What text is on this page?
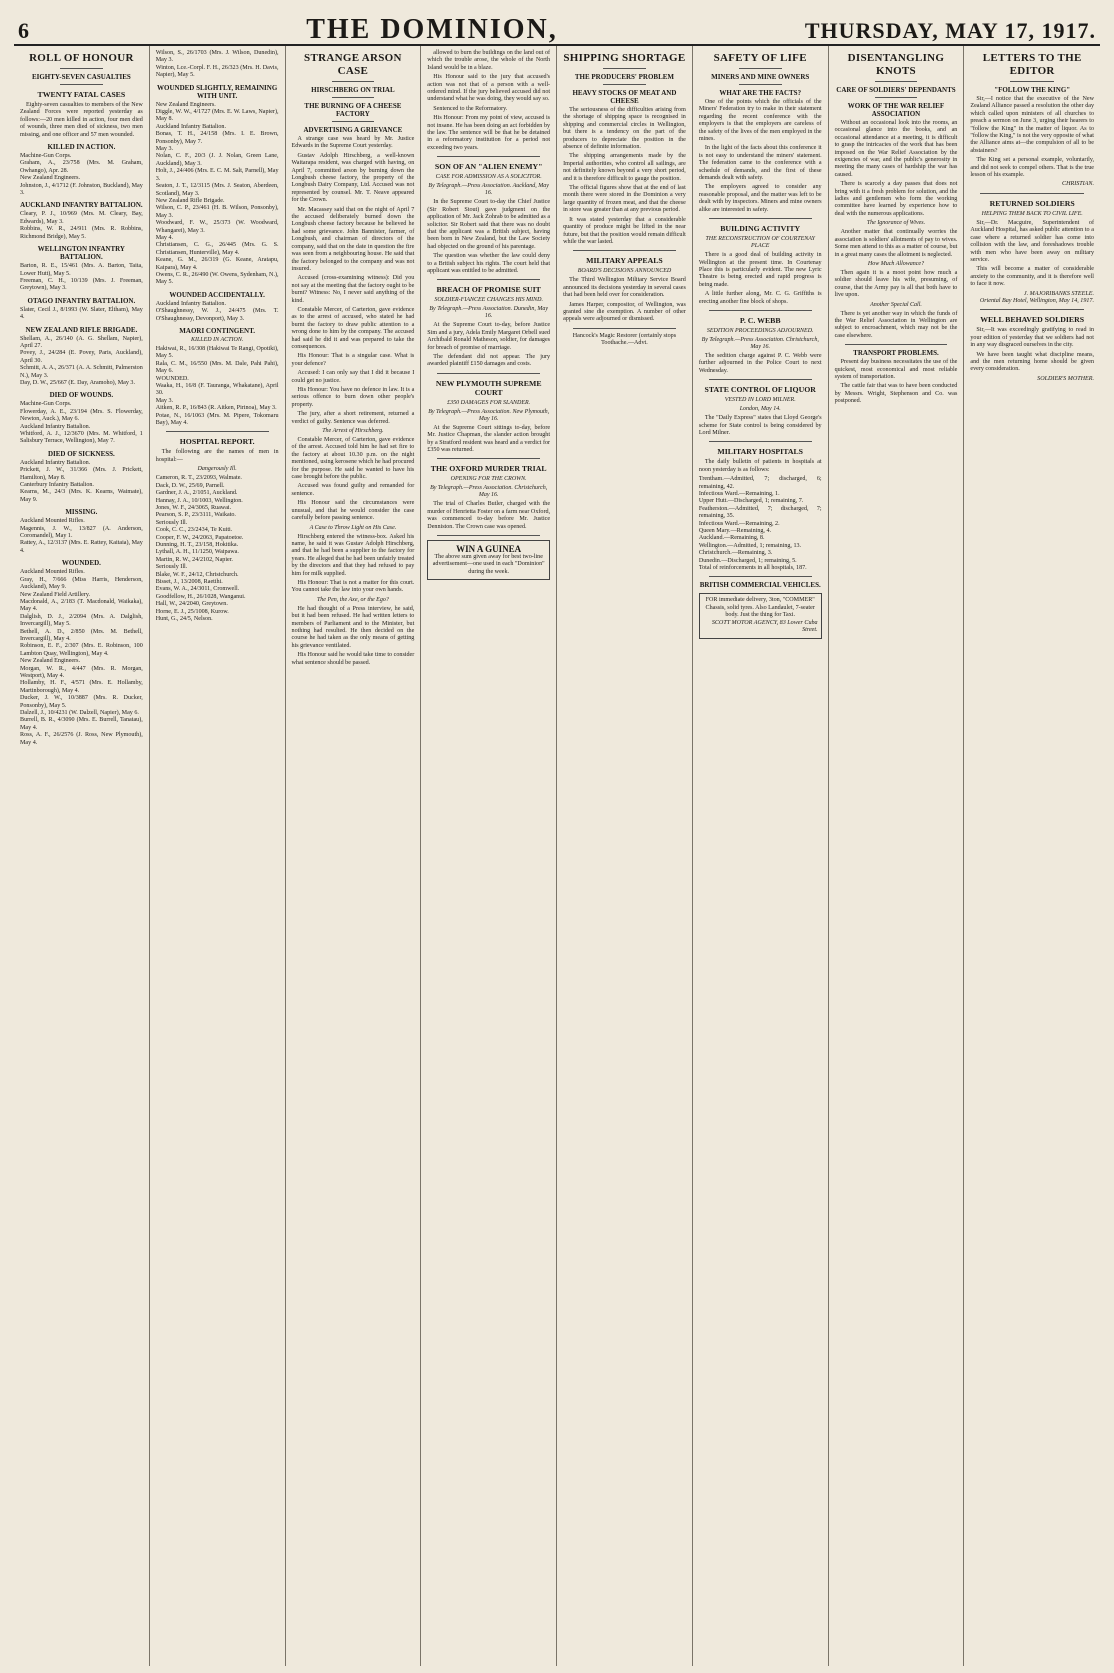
6	THE DOMINION,	THURSDAY, MAY 17, 1917.
ROLL OF HONOUR
EIGHTY-SEVEN CASUALTIES
TWENTY FATAL CASES

Eighty-seven casualties to members of the New Zealand Forces were reported yesterday as follows:—20 men killed in action, four men died of wounds, three men died of sickness, two men missing, and one officer and 57 men wounded.

KILLED IN ACTION.
Machine-Gun Corps.
Graham, A., 23/758 (Mrs. M. Graham, Owhango), Apr. 28.
New Zealand Engineers.
Johnston, J., 4/1712 (F. Johnston, Buckland), May 3.
AUCKLAND INFANTRY BATTALION.
Cleary, P. J., 10/969 (Mrs. M. Cleary, Bay, Edwards), May 3.
Robbins, W. R., 24/911 (Mrs. R. Robbins, Richmond Bridge), May 5.
WELLINGTON INFANTRY BATTALION.
Barton, R. E., 15/461 (Mrs. A. Barton, Taita, Lower Hutt), May 5.
Freeman, C. H., 10/139 (Mrs. J. Freeman, Greytown), May 3.
OTAGO INFANTRY BATTALION.
Slater, Cecil J., 8/1993 (W. Slater, Eltham), May 4.
NEW ZEALAND RIFLE BRIGADE.
Shellam, A., 26/140 (A. G. Shellam, Napier), April 27.
Povey, J., 24/284 (E. Povey, Paris, Auckland), April 30.
Schmitt, A. A., 26/371 (A. A. Schmitt, Palmerston N.), May 3.
Day, D. W., 25/667 (E. Day, Aramoho), May 3.
DIED OF WOUNDS.
Machine-Gun Corps.
Flowerday, A. E., 23/194 (Mrs. S. Flowerday, Newton, Auck.), May 6.
Auckland Infantry Battalion.
Whitford, A. J., 12/3670 (Mrs. M. Whitford, 1 Salisbury Terrace, Wellington), May 7.
DIED OF SICKNESS.
Auckland Infantry Battalion.
Prickett, J. W., 31/366 (Mrs. J. Prickett, Hamilton), May 8.
Canterbury Infantry Battalion.
Kearns, M., 24/3 (Mrs. K. Kearns, Waimate), May 9.
MISSING.
Auckland Mounted Rifles.
Magennis, J. W., 13/827 (A. Anderson, Coromandel), May 1.
Rattey, A., 12/3137 (Mrs. E. Rattey, Kaitaia), May 4.
WOUNDED.
Auckland Mounted Rifles.
Gray, H., 7/666 (Miss Harris, Henderson, Auckland), May 9.
New Zealand Field Artillery.
Macdonald, A., 2/183 (T. Macdonald, Waikaka), May 4.
Dalglish, D. J., 2/2094 (Mrs. A. Dalglish, Invercargill), May 5.
Bethell, A. D., 2/850 (Mrs. M. Bethell, Invercargill), May 4.
Robinson, E. F., 2/307 (Mrs. E. Robinson, 100 Lambton Quay, Wellington), May 4.
New Zealand Engineers.
Morgan, W. R., 4/447 (Mrs. R. Morgan, Westport), May 4.
Hollamby, H. F., 4/571 (Mrs. E. Hollamby, Martinborough), May 4.
Ducker, J. W., 10/3887 (Mrs. R. Ducker, Ponsonby), May 5.
Dalzell, J., 10/4231 (W. Dalzell, Napier), May 6.
Burrell, B. R., 4/3090 (Mrs. E. Burrell, Tanatau), May 4.
Ross, A. F., 26/2576 (J. Ross, New Plymouth), May 4.
Wilson, S., 26/1703 (Mrs. J. Wilson, Dunedin), May 3.
Winton, Lce.-Corpl. F. H., 26/323 (Mrs. H. Davis, Napier), May 5.
WOUNDED SLIGHTLY, REMAINING WITH UNIT.
New Zealand Engineers.
Diggle, W. W., 4/1727 (Mrs. E. W. Laws, Napier), May 8.
Auckland Infantry Battalion.
Bonas, T. H., 24/158 (Mrs. I. E. Brown, Ponsonby), May 7.
May 3.
Nolan, C. F., 20/3 (J. J. Nolan, Green Lane, Auckland), May 3.
Holt, J., 24/406 (Mrs. E. C. M. Salt, Parnell), May 3.
Seaton, J. T., 12/3115 (Mrs. J. Seaton, Aberdeen, Scotland), May 3.
New Zealand Rifle Brigade.
Wilson, C. P., 23/461 (H. B. Wilson, Ponsonby), May 3.
Woodward, F. W., 25/373 (W. Woodward, Whangarei), May 3.
May 4.
Christiansen, C. G., 26/445 (Mrs. G. S. Christiansen, Hunterville), May 4.
Keane, G. M., 26/319 (G. Keane, Aratapu, Kaipara), May 4.
Owens, C. R., 26/490 (W. Owens, Sydenham, N.), May 5.
WOUNDED ACCIDENTALLY.
Auckland Infantry Battalion.
O'Shaughnessy, W. J., 24/475 (Mrs. T. O'Shaughnessy, Devonport), May 3.
MAORI CONTINGENT.
KILLED IN ACTION.
Hakiwai, R., 16/308 (Hakiwai Te Rangi, Opotiki), May 5.
Rala, C. M., 16/550 (Mrs. M. Dale, Pahi Pahi), May 6.
WOUNDED.
Waaka, H., 16/8 (F. Tauranga, Whakatane), April 30.
May 3.
Aitken, R. P., 16/843 (R. Aitken, Pirinoa), May 3.
Potae, N., 16/1063 (Mrs. M. Pipere, Tokomaru Bay), May 4.
HOSPITAL REPORT.

The following are the names of men in hospital:—

Dangerously Ill.
Cameron, R. T., 23/2093, Walmate.
Dack, D. W., 25/69, Parnell.
Gardner, J. A., 2/1051, Auckland.
Hannay, J. A., 10/1003, Wellington.
Jones, W. F., 24/3065, Ruawai.
Pearson, S. P., 23/3111, Waikato.
Seriously Ill.
Cook, C. C., 23/2434, Te Kuiti.
Cooper, F. W., 24/2063, Papatoetoe.
Dunning, H. T., 23/158, Hokitika.
Lythall, A. H., 11/1250, Waipawa.
Martin, R. W., 24/2102, Napier.
Seriously Ill.
Blake, W. F., 24/12, Christchurch.
Bisset, J., 13/2008, Raetihi.
Evans, W. A., 24/3011, Cromwell.
Goodfellow, H., 26/1028, Wanganui.
Hall, W., 24/2040, Greytown.
Horne, E. J., 25/1008, Kurow.
Hunt, G., 24/5, Nelson.
STRANGE ARSON CASE
HIRSCHBERG ON TRIAL
THE BURNING OF A CHEESE FACTORY
ADVERTISING A GRIEVANCE

A strange case was heard by Mr. Justice Edwards in the Supreme Court yesterday.

Gustav Adolph Hirschberg, a well-known Waitarapa resident, was charged with having, on April 7, committed arson by burning down the Longbush cheese factory, the property of the Longbush Dairy Company, Ltd. Accused was not represented by counsel. Mr. T. Neave appeared for the Crown.

Mr. Macassey said that on the night of April 7 the accused deliberately burned down the Longbush cheese factory because he believed he had some grievance. John Bannister, farmer, of Longbush, and chairman of directors of the company, said that on the date in question the fire was seen from a neighbouring house. He said that the factory belonged to the company and was not insured.

Accused (cross-examining witness): Did you not say at the meeting that the factory ought to be burnt? Witness: No, I never said anything of the kind.

Constable Mercer, of Carterton, gave evidence as to the arrest of accused, who stated he had burnt the factory to draw public attention to a wrong done to him by the company. The accused had said he did it and was prepared to take the consequences.

His Honour: That is a singular case. What is your defence?

Accused: I can only say that I did it because I could get no justice.

His Honour: You have no defence in law. It is a serious offence to burn down other people's property.

The jury, after a short retirement, returned a verdict of guilty. Sentence was deferred.

The Arrest of Hirschberg.

Constable Mercer, of Carterton, gave evidence of the arrest. Accused told him he had set fire to the factory at about 10.30 p.m. on the night mentioned, using kerosene which he had procured for the purpose. He said he wanted to have his case brought before the public.

Accused was found guilty and remanded for sentence.

His Honour said the circumstances were unusual, and that he would consider the case carefully before passing sentence.

A Case to Throw Light on His Case.

Hirschberg entered the witness-box. Asked his name, he said it was Gustav Adolph Hirschberg, and that he had been a supplier to the factory for years. He alleged that he had been unfairly treated by the directors and that they had refused to pay him for milk supplied.

His Honour: That is not a matter for this court. You cannot take the law into your own hands.

The Pen, the Axe, or the Ego?

He had thought of a Press interview, he said, but it had been refused. He had written letters to members of Parliament and to the Minister, but nothing had resulted. He then decided on the course he had taken as the only means of getting his grievance ventilated.

His Honour said he would take time to consider what sentence should be passed.

allowed to burn the buildings on the land out of which the trouble arose, the whole of the North Island would be in a blaze.

His Honour said to the jury that accused's action was not that of a person with a well-ordered mind. If the jury believed accused did not understand what he was doing, they would say so.

Sentenced to the Reformatory.

His Honour: From my point of view, accused is not insane. He has been doing an act forbidden by the law. The sentence will be that he be detained in a reformatory institution for a period not exceeding two years.

SON OF AN "ALIEN ENEMY"
CASE FOR ADMISSION AS A SOLICITOR.
By Telegraph.—Press Association. Auckland, May 16.

In the Supreme Court to-day the Chief Justice (Sir Robert Stout) gave judgment on the application of Mr. Jack Zohrab to be admitted as a solicitor. Sir Robert said that there was no doubt that the applicant was a British subject, having been born in New Zealand, but the Law Society had objected on the ground of his parentage.

The question was whether the law could deny to a British subject his rights. The court held that applicant was entitled to be admitted.

BREACH OF PROMISE SUIT
SOLDIER-FIANCEE CHANGES HIS MIND.
By Telegraph.—Press Association. Dunedin, May 16.

At the Supreme Court to-day, before Justice Sim and a jury, Adela Emily Margaret Orbell sued Archibald Ronald Matheson, soldier, for damages for breach of promise of marriage.

The defendant did not appear. The jury awarded plaintiff £150 damages and costs.

NEW PLYMOUTH SUPREME COURT
£350 DAMAGES FOR SLANDER.
By Telegraph.—Press Association. New Plymouth, May 16.

At the Supreme Court sittings to-day, before Mr. Justice Chapman, the slander action brought by a Stratford resident was heard and a verdict for £350 was returned.

THE OXFORD MURDER TRIAL
OPENING FOR THE CROWN.
By Telegraph.—Press Association. Christchurch, May 16.

The trial of Charles Butler, charged with the murder of Henrietta Foster on a farm near Oxford, was commenced to-day before Mr. Justice Denniston. The Crown case was opened.

WIN A GUINEA
The above sum given away for best two-line advertisement—one used in each "Dominion" during the week.
SHIPPING SHORTAGE
THE PRODUCERS' PROBLEM
HEAVY STOCKS OF MEAT AND CHEESE

The seriousness of the difficulties arising from the shortage of shipping space is recognised in shipping and commercial circles in Wellington, but there is a tendency on the part of the producers to depreciate the position in the absence of definite information.

The shipping arrangements made by the Imperial authorities, who control all sailings, are not definitely known beyond a very short period, and it is therefore difficult to gauge the position.

The official figures show that at the end of last month there were stored in the Dominion a very large quantity of frozen meat, and that the cheese in store was greater than at any previous period.

It was stated yesterday that a considerable quantity of produce might be lifted in the near future, but that the position would remain difficult while the war lasted.

MILITARY APPEALS
BOARD'S DECISIONS ANNOUNCED

The Third Wellington Military Service Board announced its decisions yesterday in several cases that had been held over for consideration.

James Harper, compositor, of Wellington, was granted sine die exemption. A number of other appeals were adjourned or dismissed.

Hancock's Magic Restorer (certainly stops Toothache.—Advt.
SAFETY OF LIFE
MINERS AND MINE OWNERS
WHAT ARE THE FACTS?

One of the points which the officials of the Miners' Federation try to make in their statement regarding the recent conference with the employers is that the employers are careless of the safety of the lives of the men employed in the mines.

In the light of the facts about this conference it is not easy to understand the miners' statement. The federation came to the conference with a schedule of demands, and the first of these demands dealt with safety.

The employers agreed to consider any reasonable proposal, and the matter was left to be dealt with by inspectors. Miners and mine owners alike are interested in safety.

BUILDING ACTIVITY
THE RECONSTRUCTION OF COURTENAY PLACE

There is a good deal of building activity in Wellington at the present time. In Courtenay Place this is particularly evident. The new Lyric Theatre is being erected and rapid progress is being made.

A little further along, Mr. C. G. Griffiths is erecting another fine block of shops.

P. C. WEBB
SEDITION PROCEEDINGS ADJOURNED.
By Telegraph.—Press Association. Christchurch, May 16.

The sedition charge against P. C. Webb were further adjourned in the Police Court to next Wednesday.

STATE CONTROL OF LIQUOR
VESTED IN LORD MILNER.
London, May 14.

The "Daily Express" states that Lloyd George's scheme for State control is being considered by Lord Milner.

MILITARY HOSPITALS

The daily bulletin of patients in hospitals at noon yesterday is as follows:

Trentham.—Admitted, 7; discharged, 6; remaining, 42.
Infectious Ward.—Remaining, 1.
Upper Hutt.—Discharged, 1; remaining, 7.
Featherston.—Admitted, 7; discharged, 7; remaining, 35.
Infectious Ward.—Remaining, 2.
Queen Mary.—Remaining, 4.
Auckland.—Remaining, 8.
Wellington.—Admitted, 1; remaining, 13.
Christchurch.—Remaining, 3.
Dunedin.—Discharged, 1; remaining, 5.
Total of reinforcements in all hospitals, 187.
BRITISH COMMERCIAL VEHICLES.
FOR immediate delivery, 3ton, "COMMER" Chassis, solid tyres. Also Landaulet, 7-seater body. Just the thing for Taxi.
SCOTT MOTOR AGENCY, 83 Lower Cuba Street.
DISENTANGLING KNOTS
CARE OF SOLDIERS' DEPENDANTS
WORK OF THE WAR RELIEF ASSOCIATION

Without an occasional look into the rooms, an occasional glance into the books, and an occasional attendance at a meeting, it is difficult to grasp the intricacies of the work that has been imposed on the War Relief Association by the exigencies of war, and the public's generosity in meeting the many cases of hardship the war has caused.

There is scarcely a day passes that does not bring with it a fresh problem for solution, and the ladies and gentlemen who form the working committee have learned by experience how to deal with the numerous applications.

The Ignorance of Wives.

Another matter that continually worries the association is soldiers' allotments of pay to wives. Some men attend to this as a matter of course, but in a great many cases the allotment is neglected.

How Much Allowance?

Then again it is a moot point how much a soldier should leave his wife, presuming, of course, that the Army pay is all that both have to live upon.

Another Special Call.

There is yet another way in which the funds of the War Relief Association in Wellington are subject to encroachment, which may not be the case elsewhere.

TRANSPORT PROBLEMS.

Present day business necessitates the use of the quickest, most economical and most reliable system of transportation.

The cattle fair that was to have been conducted by Messrs. Wright, Stephenson and Co. was postponed.

LETTERS TO THE EDITOR
"FOLLOW THE KING"

Sir,—I notice that the executive of the New Zealand Alliance passed a resolution the other day which called upon ministers of all churches to preach a sermon on June 3, urging their hearers to "follow the King" in the matter of liquor. As to "follow the King," is not the very opposite of what the Alliance aims at—the compulsion of all to be abstainers?

The King set a personal example, voluntarily, and did not seek to compel others. That is the true lesson of his example.

CHRISTIAN.
RETURNED SOLDIERS
HELPING THEM BACK TO CIVIL LIFE.

Sir,—Dr. Macguire, Superintendent of Auckland Hospital, has asked public attention to a case where a returned soldier has come into collision with the law, and foreshadows trouble with men who have been away on military service.

This will become a matter of considerable anxiety to the community, and it is therefore well to face it now.

J. MAJORIBANKS STEELE.
Oriental Bay Hotel, Wellington, May 14, 1917.
WELL BEHAVED SOLDIERS

Sir,—It was exceedingly gratifying to read in your edition of yesterday that we soldiers had not in any way disgraced ourselves in the city.

We have been taught what discipline means, and the men returning home should be given every consideration.

SOLDIER'S MOTHER.
